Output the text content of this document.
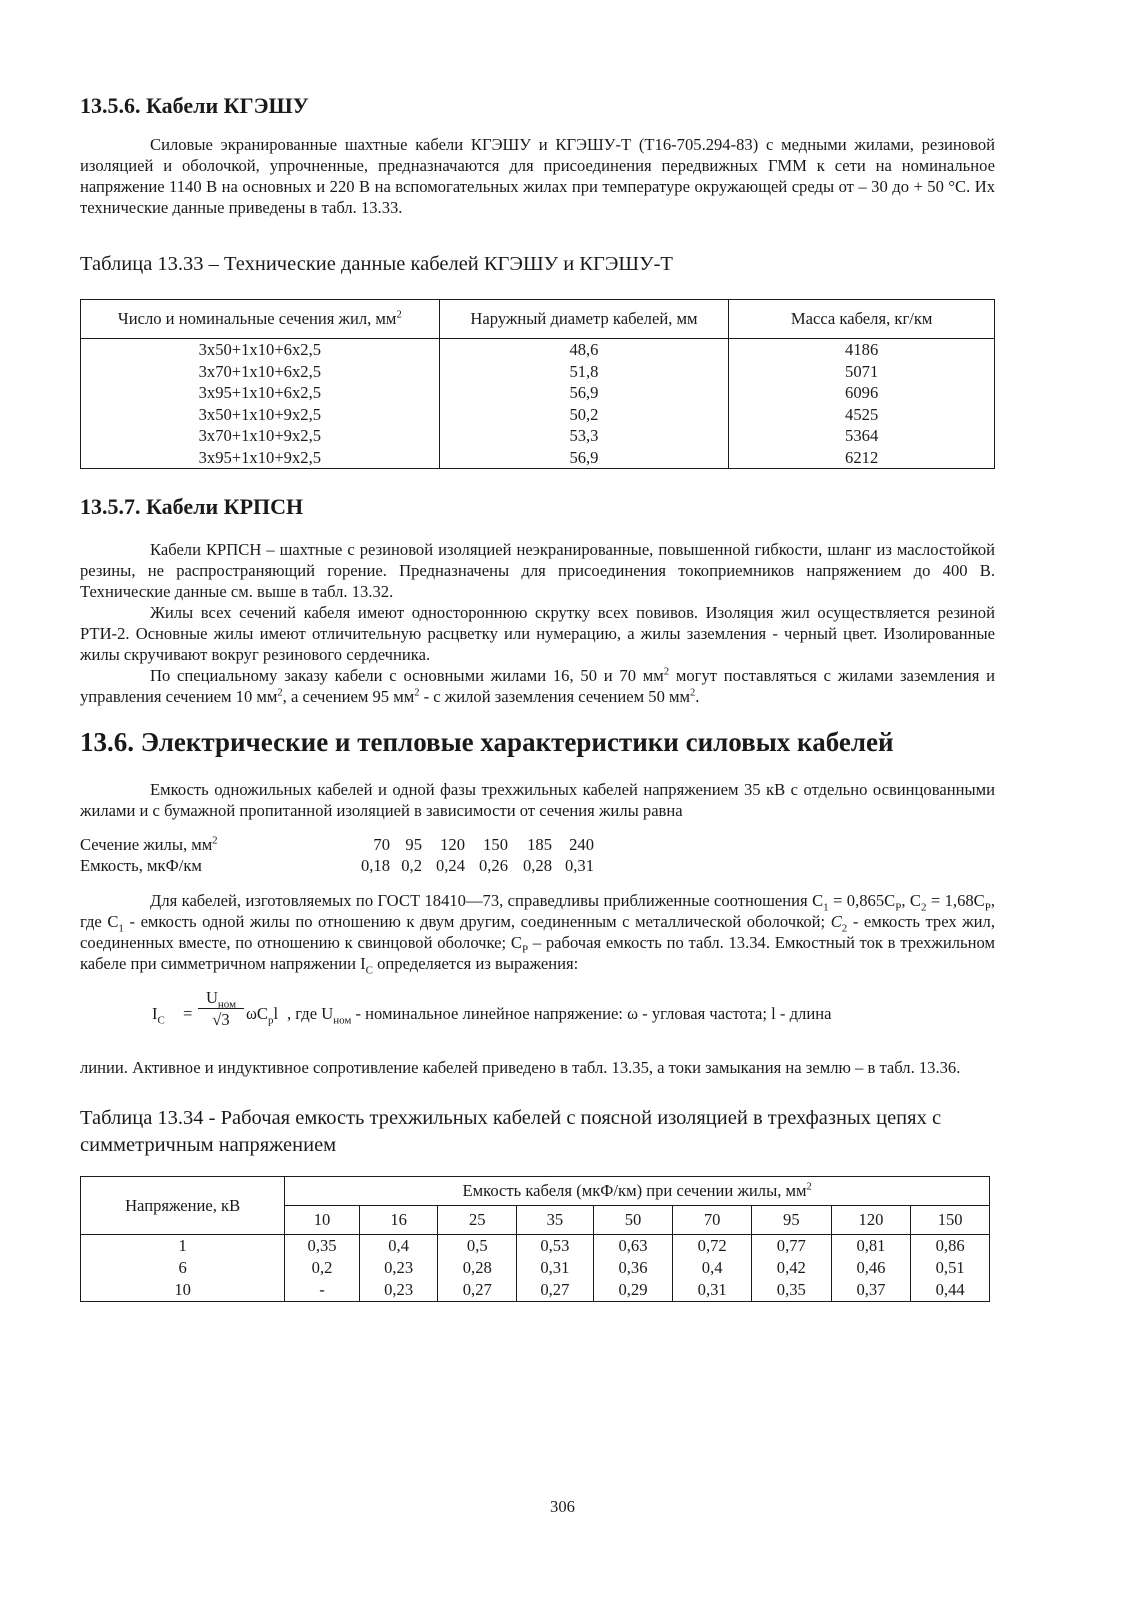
13.5.6. Кабели КГЭШУ

Силовые экранированные шахтные кабели КГЭШУ и КГЭШУ-Т (Т16-705.294-83) с медными жилами, резиновой изоляцией и оболочкой, упрочненные, предназначаются для присоединения передвижных ГММ к сети на номинальное напряжение 1140 В на основных и 220 В на вспомогательных жилах при температуре окружающей среды от – 30 до + 50 °С. Их технические данные приведены в табл. 13.33.

Таблица 13.33 – Технические данные кабелей КГЭШУ и КГЭШУ-Т

Число и номинальные сечения жил, $мм^2$	Наружный диаметр кабелей, мм	Масса кабеля, кг/км
3x50+1x10+6x2,5	48,6	4186
3x70+1x10+6x2,5	51,8	5071
3x95+1x10+6x2,5	56,9	6096
3x50+1x10+9x2,5	50,2	4525
3x70+1x10+9x2,5	53,3	5364
3x95+1x10+9x2,5	56,9	6212
13.5.7. Кабели КРПСН

Кабели КРПСН – шахтные с резиновой изоляцией неэкранированные, повышенной гибкости, шланг из маслостойкой резины, не распространяющий горение. Предназначены для присоединения токоприемников напряжением до 400 В. Технические данные см. выше в табл. 13.32.

Жилы всех сечений кабеля имеют одностороннюю скрутку всех повивов. Изоляция жил осуществляется резиной РТИ-2. Основные жилы имеют отличительную расцветку или нумерацию, а жилы заземления - черный цвет. Изолированные жилы скручивают вокруг резинового сердечника.

По специальному заказу кабели с основными жилами 16, 50 и 70 $мм^2$ могут поставляться с жилами заземления и управления сечением 10 $мм^2$, а сечением 95 $мм^2$ - с жилой заземления сечением 50 $мм^2$.

13.6. Электрические и тепловые характеристики силовых кабелей

Емкость одножильных кабелей и одной фазы трехжильных кабелей напряжением 35 кВ с отдельно освинцованными жилами и с бумажной пропитанной изоляцией в зависимости от сечения жилы равна

Сечение жилы, $мм^2$	70 95	120	150	185	240
Емкость, мкФ/км	0,18 0,2 0,24 0,26 0,28 0,31

Для кабелей, изготовляемых по ГОСТ 18410—73, справедливы приближенные соотношения $С_1 = 0,865С_Р$, $С_2 = 1,68С_Р$, где $С_1$ - емкость одной жилы по отношению к двум другим, соединенным с металлической оболочкой; $С_2$ - емкость трех жил, соединенных вместе, по отношению к свинцовой оболочке; $С_Р$ – рабочая емкость по табл. 13.34. Емкостный ток в трехжильном кабеле при симметричном напряжении $I_С$ определяется из выражения:

$I_C$ =
$U_{ном}$
√3 $\omega C_pl$ , где $U_{ном}$ - номинальное линейное напряжение: ω - угловая частота; l - длина

линии. Активное и индуктивное сопротивление кабелей приведено в табл. 13.35, а токи замыкания на землю – в табл. 13.36.

Таблица 13.34 - Рабочая емкость трехжильных кабелей с поясной изоляцией в трехфазных цепях с симметричным напряжением

Напряжение, кВ	Емкость кабеля (мкФ/км) при сечении жилы, $мм^2$
	10	16	25	35	50	70	95	120	150
1	0,35	0,4	0,5	0,53	0,63	0,72	0,77	0,81	0,86
6	0,2	0,23	0,28	0,31	0,36	0,4	0,42	0,46	0,51
10	-	0,23	0,27	0,27	0,29	0,31	0,35	0,37	0,44
306
